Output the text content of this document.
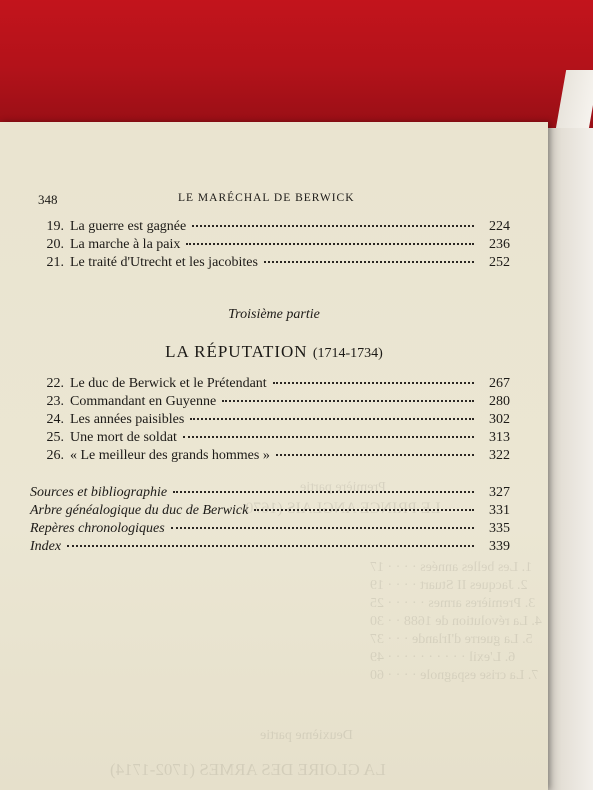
Première partie
LE PRINCE ANGLAIS (1670-
1. Les belles années · · · · 17
2. Jacques II Stuart · · · · 19
3. Premières armes · · · · · 25
4. La révolution de 1688 · · 30
5. La guerre d'Irlande · · · 37
6. L'exil · · · · · · · · · · 49
7. La crise espagnole · · · · 60
Deuxième partie
LA GLOIRE DES ARMES (1702-1714)
348	LE MARÉCHAL DE BERWICK
19. La guerre est gagnée	224
20. La marche à la paix	236
21. Le traité d'Utrecht et les jacobites	252
Troisième partie
LA RÉPUTATION (1714-1734)
22. Le duc de Berwick et le Prétendant	267
23. Commandant en Guyenne	280
24. Les années paisibles	302
25. Une mort de soldat	313
26. « Le meilleur des grands hommes »	322
Sources et bibliographie	327
Arbre généalogique du duc de Berwick	331
Repères chronologiques	335
Index	339
